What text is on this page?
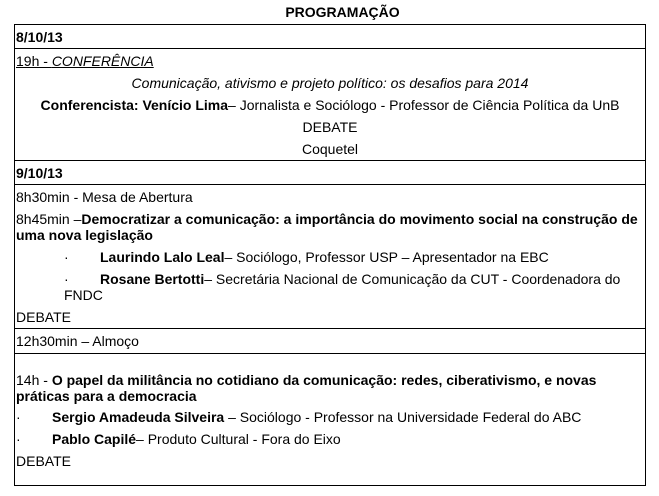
PROGRAMAÇÃO
8/10/13
19h - CONFERÊNCIA
Comunicação, ativismo e projeto político: os desafios para 2014
Conferencista: Venício Lima– Jornalista e Sociólogo - Professor de Ciência Política da UnB
DEBATE
Coquetel
9/10/13
8h30min - Mesa de Abertura
8h45min –Democratizar a comunicação: a importância do movimento social na construção de uma nova legislação
· Laurindo Lalo Leal– Sociólogo, Professor USP – Apresentador na EBC
· Rosane Bertotti– Secretária Nacional de Comunicação da CUT - Coordenadora do
FNDC
DEBATE
12h30min – Almoço
14h - O papel da militância no cotidiano da comunicação: redes, ciberativismo, e novas práticas para a democracia
· Sergio Amadeuda Silveira – Sociólogo - Professor na Universidade Federal do ABC
· Pablo Capilé– Produto Cultural - Fora do Eixo
DEBATE
